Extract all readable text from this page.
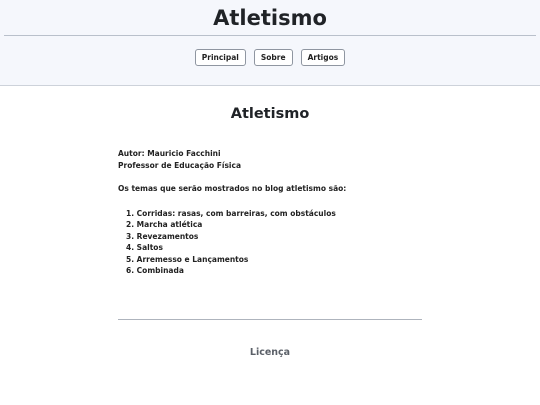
Atletismo
Principal	Sobre	Artigos
Atletismo

Autor: Mauricio Facchini

Professor de Educação Física

Os temas que serão mostrados no blog atletismo são:

1. Corridas: rasas, com barreiras, com obstáculos
2. Marcha atlética
3. Revezamentos
4. Saltos
5. Arremesso e Lançamentos
6. Combinada
Licença
